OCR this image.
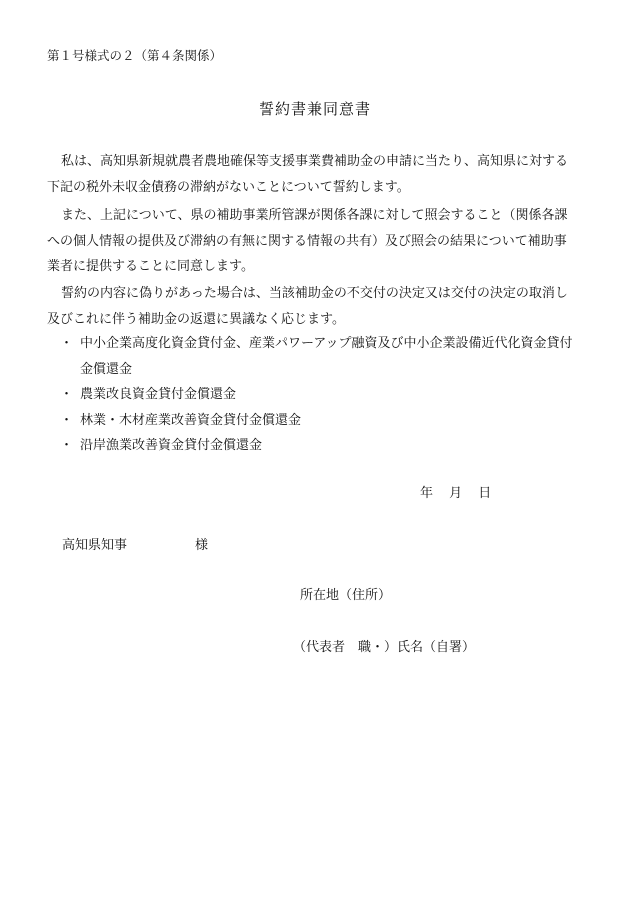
第１号様式の２（第４条関係）
誓約書兼同意書
私は、高知県新規就農者農地確保等支援事業費補助金の申請に当たり、高知県に対する
下記の税外未収金債務の滞納がないことについて誓約します。
また、上記について、県の補助事業所管課が関係各課に対して照会すること（関係各課
への個人情報の提供及び滞納の有無に関する情報の共有）及び照会の結果について補助事
業者に提供することに同意します。
誓約の内容に偽りがあった場合は、当該補助金の不交付の決定又は交付の決定の取消し
及びこれに伴う補助金の返還に異議なく応じます。
・ 中小企業高度化資金貸付金、産業パワーアップ融資及び中小企業設備近代化資金貸付
金償還金
・ 農業改良資金貸付金償還金
・ 林業・木材産業改善資金貸付金償還金
・ 沿岸漁業改善資金貸付金償還金
年 月 日
高知県知事	様
所在地（住所）
（代表者　職・）氏名（自署）
